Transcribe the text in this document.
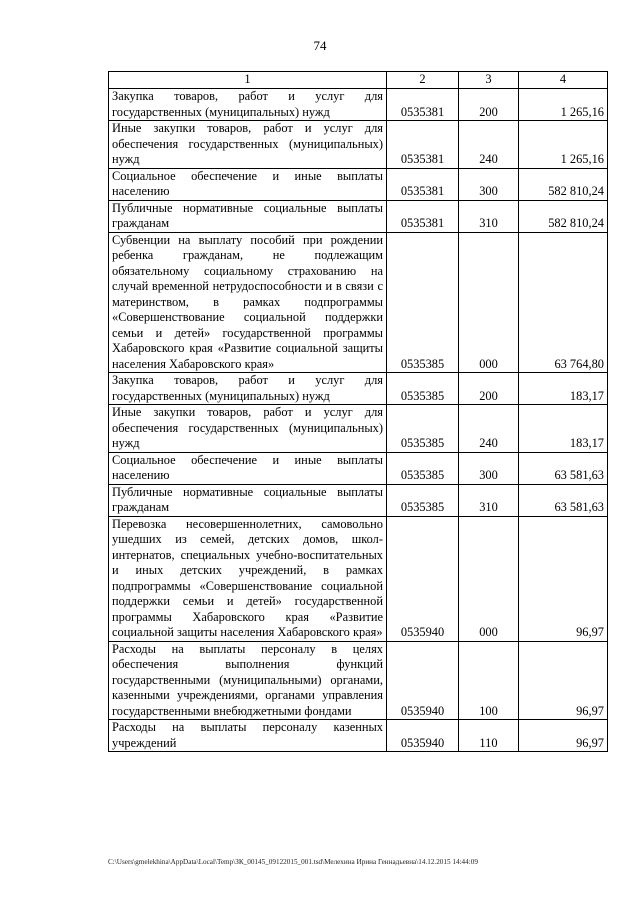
74
1	2	3	4
Закупка товаров, работ и услуг для государственных (муниципальных) нужд	0535381	200	1 265,16
Иные закупки товаров, работ и услуг для обеспечения государственных (муниципальных) нужд	0535381	240	1 265,16
Социальное обеспечение и иные выплаты населению	0535381	300	582 810,24
Публичные нормативные социальные выплаты гражданам	0535381	310	582 810,24
Субвенции на выплату пособий при рождении ребенка гражданам, не подлежащим обязательному социальному страхованию на случай временной нетрудоспособности и в связи с материнством, в рамках подпрограммы «Совершенствование социальной поддержки семьи и детей» государственной программы Хабаровского края «Развитие социальной защиты населения Хабаровского края»	0535385	000	63 764,80
Закупка товаров, работ и услуг для государственных (муниципальных) нужд	0535385	200	183,17
Иные закупки товаров, работ и услуг для обеспечения государственных (муниципальных) нужд	0535385	240	183,17
Социальное обеспечение и иные выплаты населению	0535385	300	63 581,63
Публичные нормативные социальные выплаты гражданам	0535385	310	63 581,63
Перевозка несовершеннолетних, самовольно ушедших из семей, детских домов, школ-интернатов, специальных учебно-воспитательных и иных детских учреждений, в рамках подпрограммы «Совершенствование социальной поддержки семьи и детей» государственной программы Хабаровского края «Развитие социальной защиты населения Хабаровского края»	0535940	000	96,97
Расходы на выплаты персоналу в целях обеспечения выполнения функций государственными (муниципальными) органами, казенными учреждениями, органами управления государственными внебюджетными фондами	0535940	100	96,97
Расходы на выплаты персоналу казенных учреждений	0535940	110	96,97
C:\Users\gmelekhina\AppData\Local\Temp\ЗК_00145_09122015_001.tsd\Мелехина Ирина Геннадьевна\14.12.2015 14:44:09
